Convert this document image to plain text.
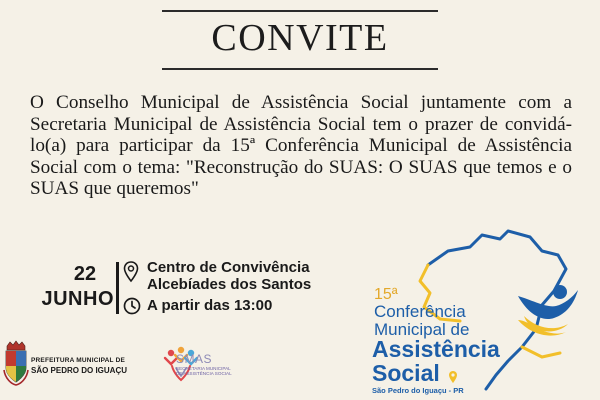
CONVITE
O Conselho Municipal de Assistência Social juntamente com a Secretaria Municipal de Assistência Social tem o prazer de convidá-lo(a) para participar da 15ª Conferência Municipal de Assistência Social com o tema: "Reconstrução do SUAS: O SUAS que temos e o SUAS que queremos"
22
JUNHO
Centro de Convivência
Alcebíades dos Santos
A partir das 13:00
PREFEITURA MUNICIPAL DE
SÃO PEDRO DO IGUAÇU
SMAS
SECRETARIA MUNICIPAL
DE ASSISTÊNCIA SOCIAL
15ª
Conferência
Municipal de
Assistência
Social
São Pedro do Iguaçu - PR
